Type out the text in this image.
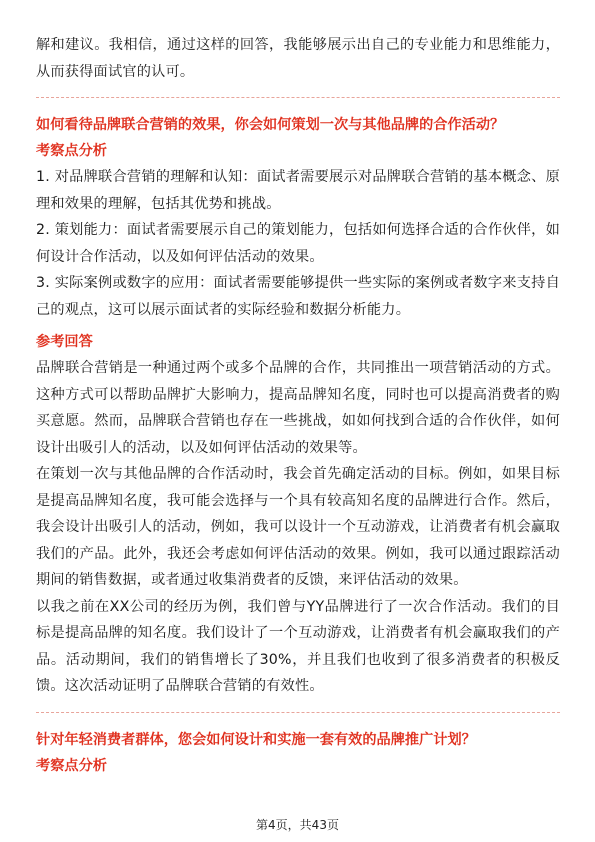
解和建议。我相信，通过这样的回答，我能够展示出自己的专业能力和思维能力，从而获得面试官的认可。

如何看待品牌联合营销的效果，你会如何策划一次与其他品牌的合作活动？
考察点分析

1. 对品牌联合营销的理解和认知：面试者需要展示对品牌联合营销的基本概念、原理和效果的理解，包括其优势和挑战。

2. 策划能力：面试者需要展示自己的策划能力，包括如何选择合适的合作伙伴，如何设计合作活动，以及如何评估活动的效果。

3. 实际案例或数字的应用：面试者需要能够提供一些实际的案例或者数字来支持自己的观点，这可以展示面试者的实际经验和数据分析能力。

参考回答

品牌联合营销是一种通过两个或多个品牌的合作，共同推出一项营销活动的方式。这种方式可以帮助品牌扩大影响力，提高品牌知名度，同时也可以提高消费者的购买意愿。然而，品牌联合营销也存在一些挑战，如如何找到合适的合作伙伴，如何设计出吸引人的活动，以及如何评估活动的效果等。

在策划一次与其他品牌的合作活动时，我会首先确定活动的目标。例如，如果目标是提高品牌知名度，我可能会选择与一个具有较高知名度的品牌进行合作。然后，我会设计出吸引人的活动，例如，我可以设计一个互动游戏，让消费者有机会赢取我们的产品。此外，我还会考虑如何评估活动的效果。例如，我可以通过跟踪活动期间的销售数据，或者通过收集消费者的反馈，来评估活动的效果。

以我之前在XX公司的经历为例，我们曾与YY品牌进行了一次合作活动。我们的目标是提高品牌的知名度。我们设计了一个互动游戏，让消费者有机会赢取我们的产品。活动期间，我们的销售增长了30%，并且我们也收到了很多消费者的积极反馈。这次活动证明了品牌联合营销的有效性。

针对年轻消费者群体，您会如何设计和实施一套有效的品牌推广计划？
考察点分析
第4页，共43页
